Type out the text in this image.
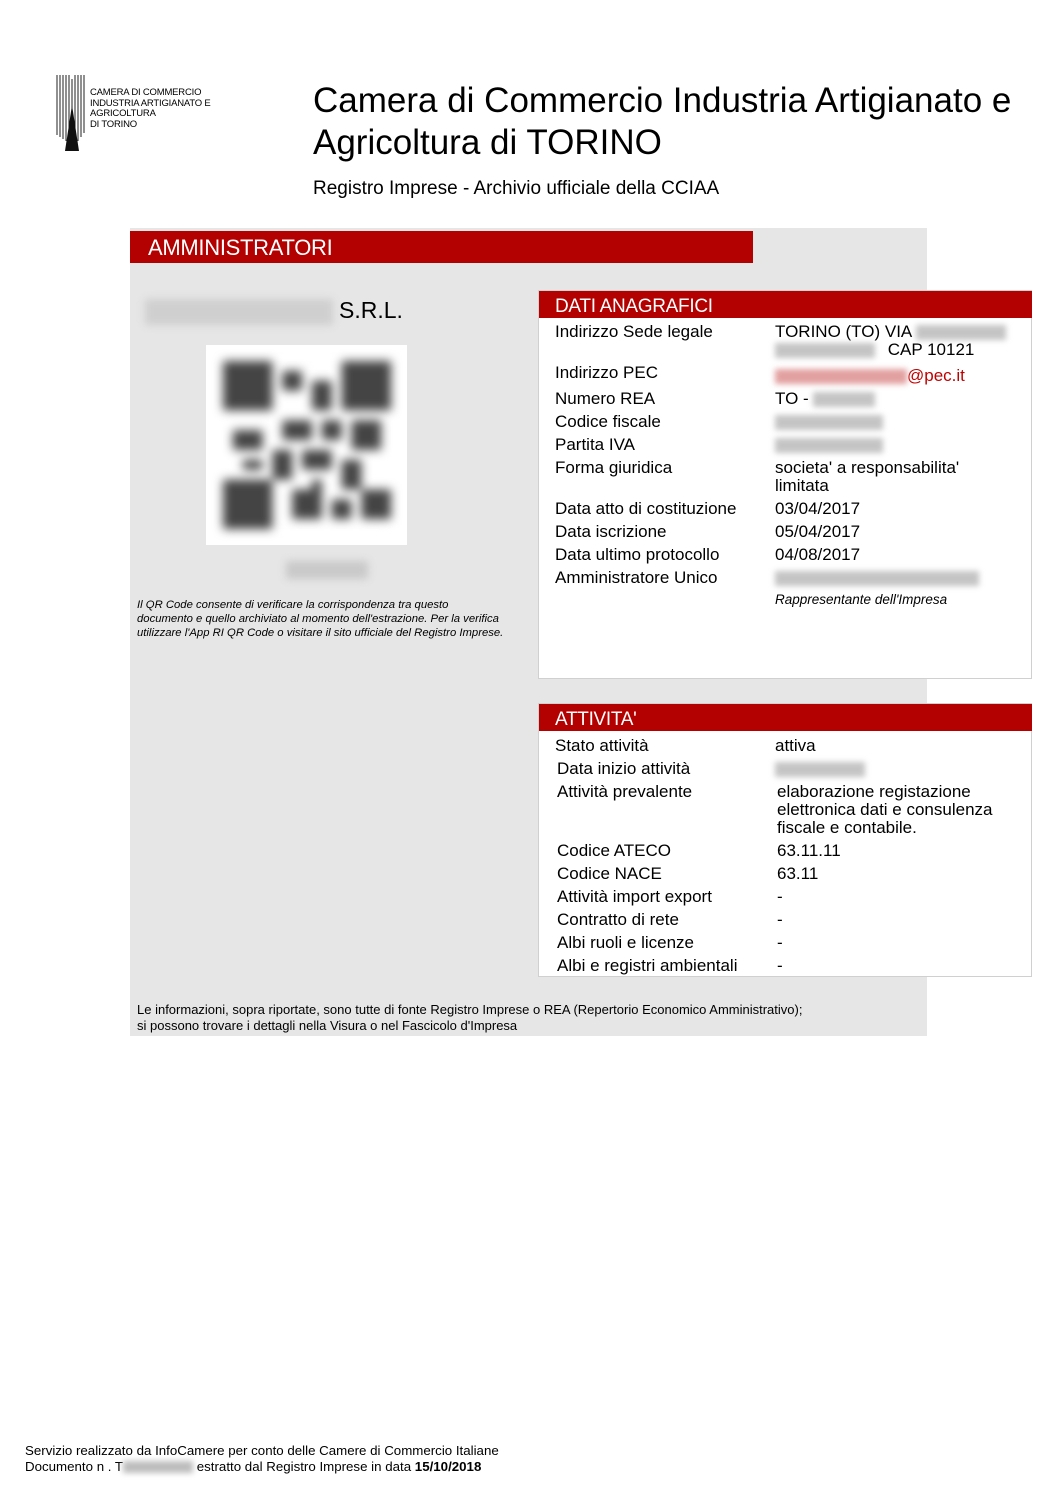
CAMERA DI COMMERCIO
INDUSTRIA ARTIGIANATO E AGRICOLTURA
DI TORINO
Camera di Commercio Industria Artigianato e Agricoltura di TORINO
Registro Imprese - Archivio ufficiale della CCIAA
AMMINISTRATORI
S.R.L.
Il QR Code consente di verificare la corrispondenza tra questo documento e quello archiviato al momento dell'estrazione. Per la verifica utilizzare l'App RI QR Code o visitare il sito ufficiale del Registro Imprese.
DATI ANAGRAFICI
Indirizzo Sede legale	TORINO (TO) VIA
CAP 10121
Indirizzo PEC	@pec.it
Numero REA	TO -
Codice fiscale
Partita IVA
Forma giuridica	societa' a responsabilita'
limitata
Data atto di costituzione 03/04/2017
Data iscrizione	05/04/2017
Data ultimo protocollo	04/08/2017
Amministratore Unico
Rappresentante dell'Impresa
ATTIVITA'
Stato attività	attiva
Data inizio attività
Attività prevalente	elaborazione registazione
elettronica dati e consulenza
fiscale e contabile.
Codice ATECO	63.11.11
Codice NACE	63.11
Attività import export	-
Contratto di rete	-
Albi ruoli e licenze	-
Albi e registri ambientali -
Le informazioni, sopra riportate, sono tutte di fonte Registro Imprese o REA (Repertorio Economico Amministrativo);
si possono trovare i dettagli nella Visura o nel Fascicolo d'Impresa
Servizio realizzato da InfoCamere per conto delle Camere di Commercio Italiane
Documento n . T	estratto dal Registro Imprese in data 15/10/2018
